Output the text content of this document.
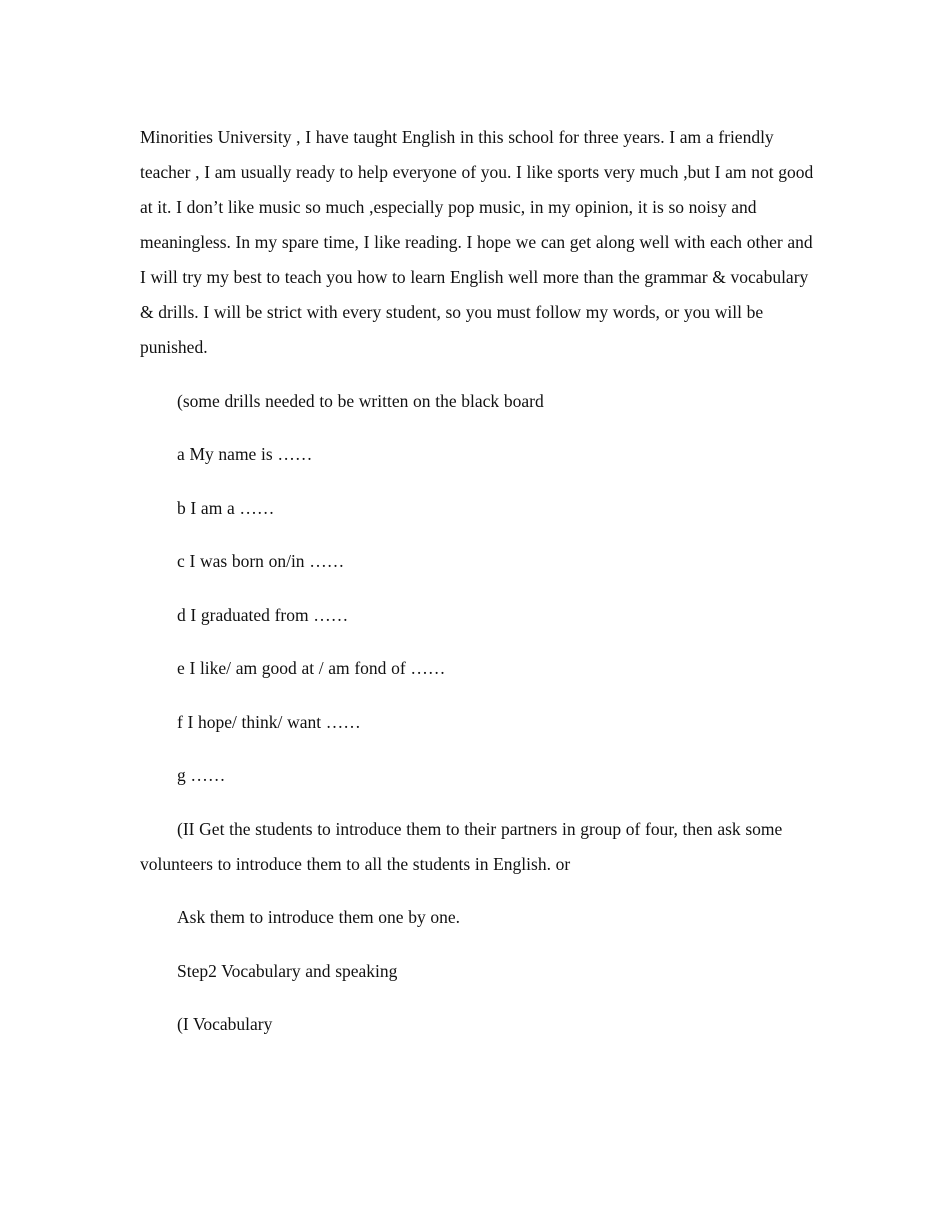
Minorities University , I have taught English in this school for three years. I am a friendly teacher , I am usually ready to help everyone of you. I like sports very much ,but I am not good at it. I don’t like music so much ,especially pop music, in my opinion, it is so noisy and meaningless. In my spare time, I like reading. I hope we can get along well with each other and I will try my best to teach you how to learn English well more than the grammar & vocabulary & drills. I will be strict with every student, so you must follow my words, or you will be punished.

(some drills needed to be written on the black board

a My name is ……

b I am a ……

c I was born on/in ……

d I graduated from ……

e I like/ am good at / am fond of ……

f I hope/ think/ want ……

g ……

(II Get the students to introduce them to their partners in group of four, then ask some volunteers to introduce them to all the students in English. or

Ask them to introduce them one by one.

Step2 Vocabulary and speaking

(I Vocabulary
